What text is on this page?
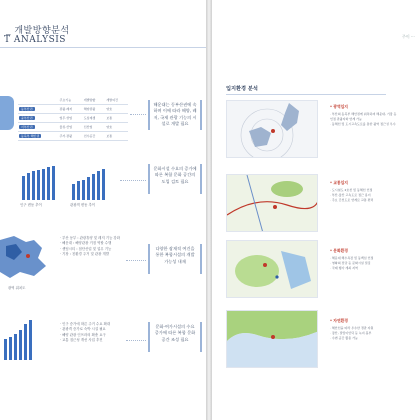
_ 개발방향분석
T ANALYSIS
	주요기능	개발방향	개발여건
동부산권	관광·레저	해양관광	양호
중부산권	업무·상업	도심재생	보통
서부산권	물류·산업	신산업	양호
동북부 해안권	주거·관광	친수공간	보통
해운대는 동부산권에 속하며 이에 따라 해양, 레저, 국제 관광 기능의 시설로 개발 필요
인구 변동 추이	관광객 변동 추이
문화시설 수요의 증가에 따른 복합 문화 공간의 도입 검토 필요
광역 위치도
· 부산 동부 : 관광휴양 및 레저 기능 강화
· 해운대 : 해양관광 거점 역할 수행
· 센텀시티 : 첨단산업 및 업무 기능
· 기장 : 친환경 주거 및 관광 개발
다양한 잠재적 여건을 통한 복합시설의 개발 가능성 내재
· 인구 증가에 따른 주거 수요 확대
· 관광객 증가로 숙박 시설 필요
· 해양 관광 인프라의 확충 요구
· 교통 접근성 개선 사업 추진
문화·여가시설의 수요 증가에 따른 복합 문화 공간 조성 필요
주이 ···
입지환경 분석
* 광역입지
· 부산의 동북부 해안권에 위치하며 해운대, 기장 등 인접 관광지와 연계 가능
· 동해선 및 도시고속도로를 통한 광역 접근성 우수
* 교통입지
· 도시철도 2호선 및 동해선 인접
· 부산-울산 고속도로 접근 용이
· 주요 간선도로 연계로 교통 편리
* 문화환경
· 해운대 해수욕장 및 동백섬 인접
· 영화의 전당 등 문화시설 밀집
· 국제 행사 개최 지역
* 자연환경
· 해안선을 따라 우수한 경관 자원
· 장산, 달맞이언덕 등 녹지 풍부
· 수변 공간 활용 가능
